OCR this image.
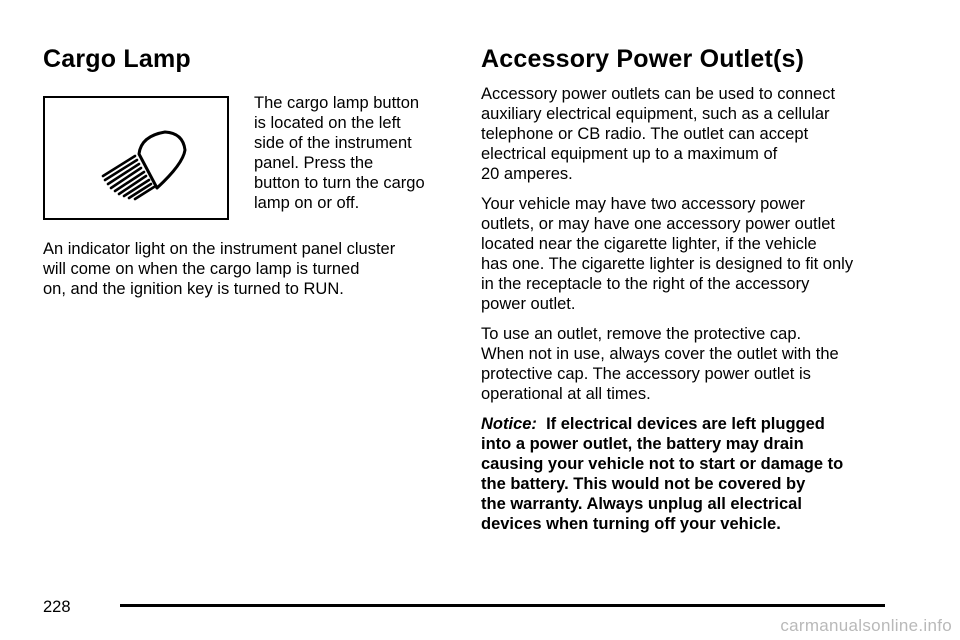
Cargo Lamp

The cargo lamp button
is located on the left
side of the instrument
panel. Press the
button to turn the cargo
lamp on or off.

An indicator light on the instrument panel cluster
will come on when the cargo lamp is turned
on, and the ignition key is turned to RUN.

Accessory Power Outlet(s)

Accessory power outlets can be used to connect
auxiliary electrical equipment, such as a cellular
telephone or CB radio. The outlet can accept
electrical equipment up to a maximum of
20 amperes.

Your vehicle may have two accessory power
outlets, or may have one accessory power outlet
located near the cigarette lighter, if the vehicle
has one. The cigarette lighter is designed to fit only
in the receptacle to the right of the accessory
power outlet.

To use an outlet, remove the protective cap.
When not in use, always cover the outlet with the
protective cap. The accessory power outlet is
operational at all times.

Notice: If electrical devices are left plugged
into a power outlet, the battery may drain
causing your vehicle not to start or damage to
the battery. This would not be covered by
the warranty. Always unplug all electrical
devices when turning off your vehicle.

228
carmanualsonline.info
